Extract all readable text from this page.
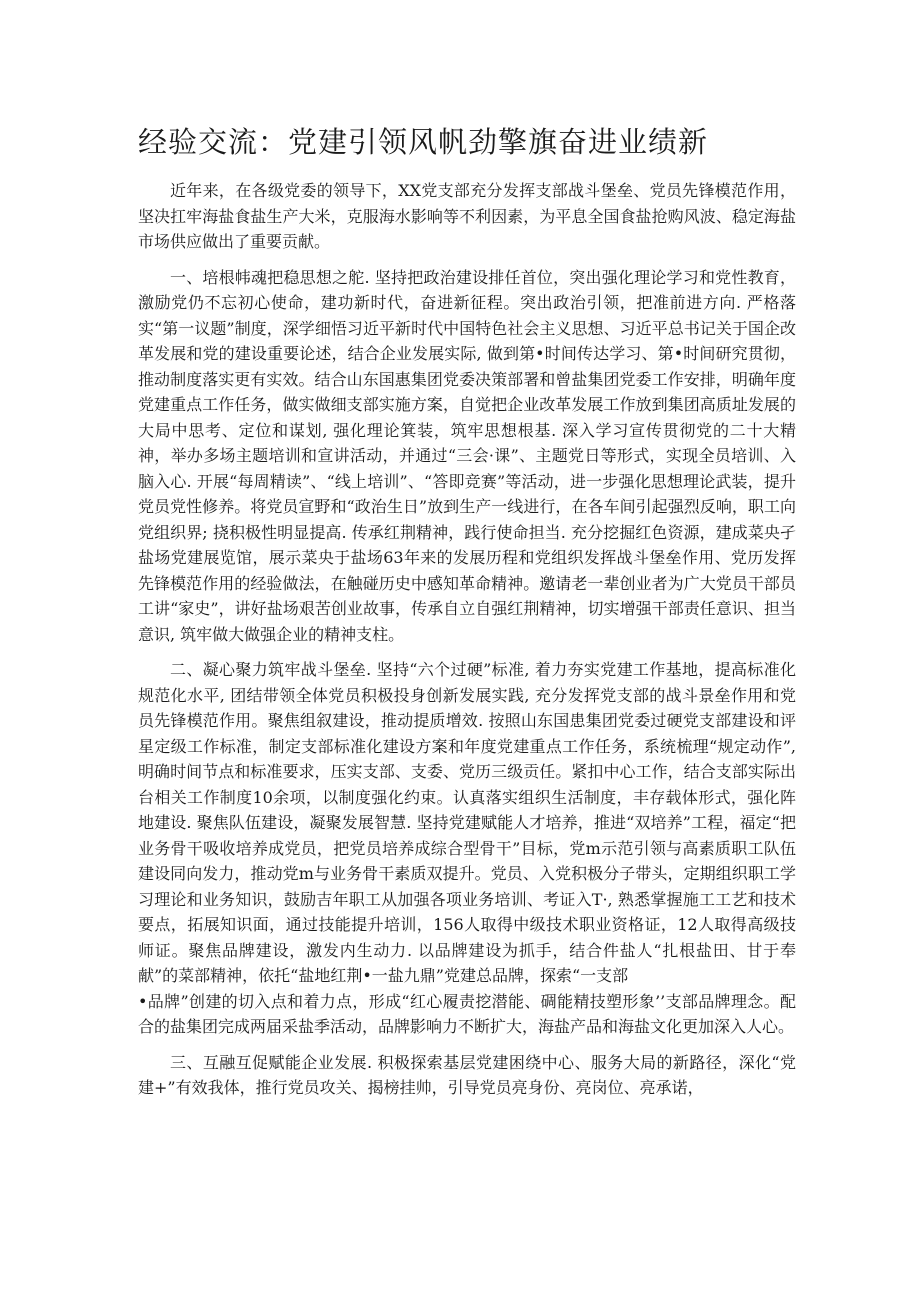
经验交流：党建引领风帆劲擎旗奋进业绩新

近年来，在各级党委的领导下，XX党支部充分发挥支部战斗堡垒、党员先锋模范作用，坚决扛牢海盐食盐生产大米，克服海水影响等不利因素，为平息全国食盐抢购风波、稳定海盐市场供应做出了重要贡献。

一、培根帏魂把稳思想之舵. 坚持把政治建设排任首位，突出强化理论学习和党性教育，激励党仍不忘初心使命，建功新时代，奋进新征程。突出政治引领，把准前进方向. 严格落实“第一议题”制度，深学细悟习近平新时代中国特色社会主义思想、习近平总书记关于国企改革发展和党的建设重要论述，结合企业发展实际, 做到第•时间传达学习、第•时间研究贯彻，推动制度落实更有实效。结合山东国惠集团党委决策部署和曾盐集团党委工作安排，明确年度党建重点工作任务，做实做细支部实施方案，自觉把企业改革发展工作放到集团高质址发展的大局中思考、定位和谋划, 强化理论箕装，筑牢思想根基. 深入学习宣传贯彻党的二十大精神，举办多场主题培训和宣讲活动，并通过“三会·课”、主题党日等形式，实现全员培训、入脑入心. 开展“每周精读”、“线上培训”、“答即竞赛”等活动，进一步强化思想理论武装，提升党员党性修养。将党员宣野和“政治生日”放到生产一线进行，在各车间引起强烈反响，职工向党组织界; 挠积极性明显提高. 传承红荆精神，践行使命担当. 充分挖掘红色资源，建成菜央孑盐场党建展览馆，展示菜央于盐场63年来的发展历程和党组织发挥战斗堡垒作用、党历发挥先锋模范作用的经验做法，在触碰历史中感知革命精神。邀请老一辈创业者为广大党员干部员工讲“家史”，讲好盐场艰苦创业故事，传承自立自强红荆精神，切实增强干部责任意识、担当意识, 筑牢做大做强企业的精神支柱。

二、凝心聚力筑牢战斗堡垒. 坚持“六个过硬”标准, 着力夯实党建工作基地，提高标准化规范化水平, 团结带领全体党员积极投身创新发展实践, 充分发挥党支部的战斗景垒作用和党员先锋模范作用。聚焦组叙建设，推动提质增效. 按照山东国患集团党委过硬党支部建设和评星定级工作标准，制定支部标准化建设方案和年度党建重点工作任务，系统梳理“规定动作”, 明确时间节点和标准要求，压实支部、支委、党历三级贡任。紧扣中心工作，结合支部实际出台相关工作制度10余项，以制度强化约束。认真落实组织生活制度，丰存载体形式，强化阵地建设. 聚焦队伍建设，凝聚发展智慧. 坚持党建赋能人才培养，推进“双培养”工程，福定“把业务骨干吸收培养成党员，把党员培养成综合型骨干”目标，党m示范引领与高素质职工队伍建设同向发力，推动党m与业务骨干素质双提升。党员、入党积极分子带头，定期组织职工学习理论和业务知识，鼓励吉年职工从加强各项业务培训、考证入T·, 熟悉掌握施工工艺和技术要点，拓展知识面，通过技能提升培训，156人取得中级技术职业资格证，12人取得高级技师证。聚焦品牌建设，激发内生动力. 以品牌建设为抓手，结合件盐人“扎根盐田、甘于奉献”的菜部精神，依托“盐地红荆•一盐九鼎”党建总品牌，探索“一支部

•品牌”创建的切入点和着力点，形成“红心履责挖潜能、碉能精技塑形象’’支部品牌理念。配合的盐集团完成两届采盐季活动，品牌影响力不断扩大，海盐产品和海盐文化更加深入人心。

三、互融互促赋能企业发展. 积极探索基层党建困绕中心、服务大局的新路径，深化“党建+”有效我体，推行党员攻关、揭榜挂帅，引导党员亮身份、亮岗位、亮承诺，
